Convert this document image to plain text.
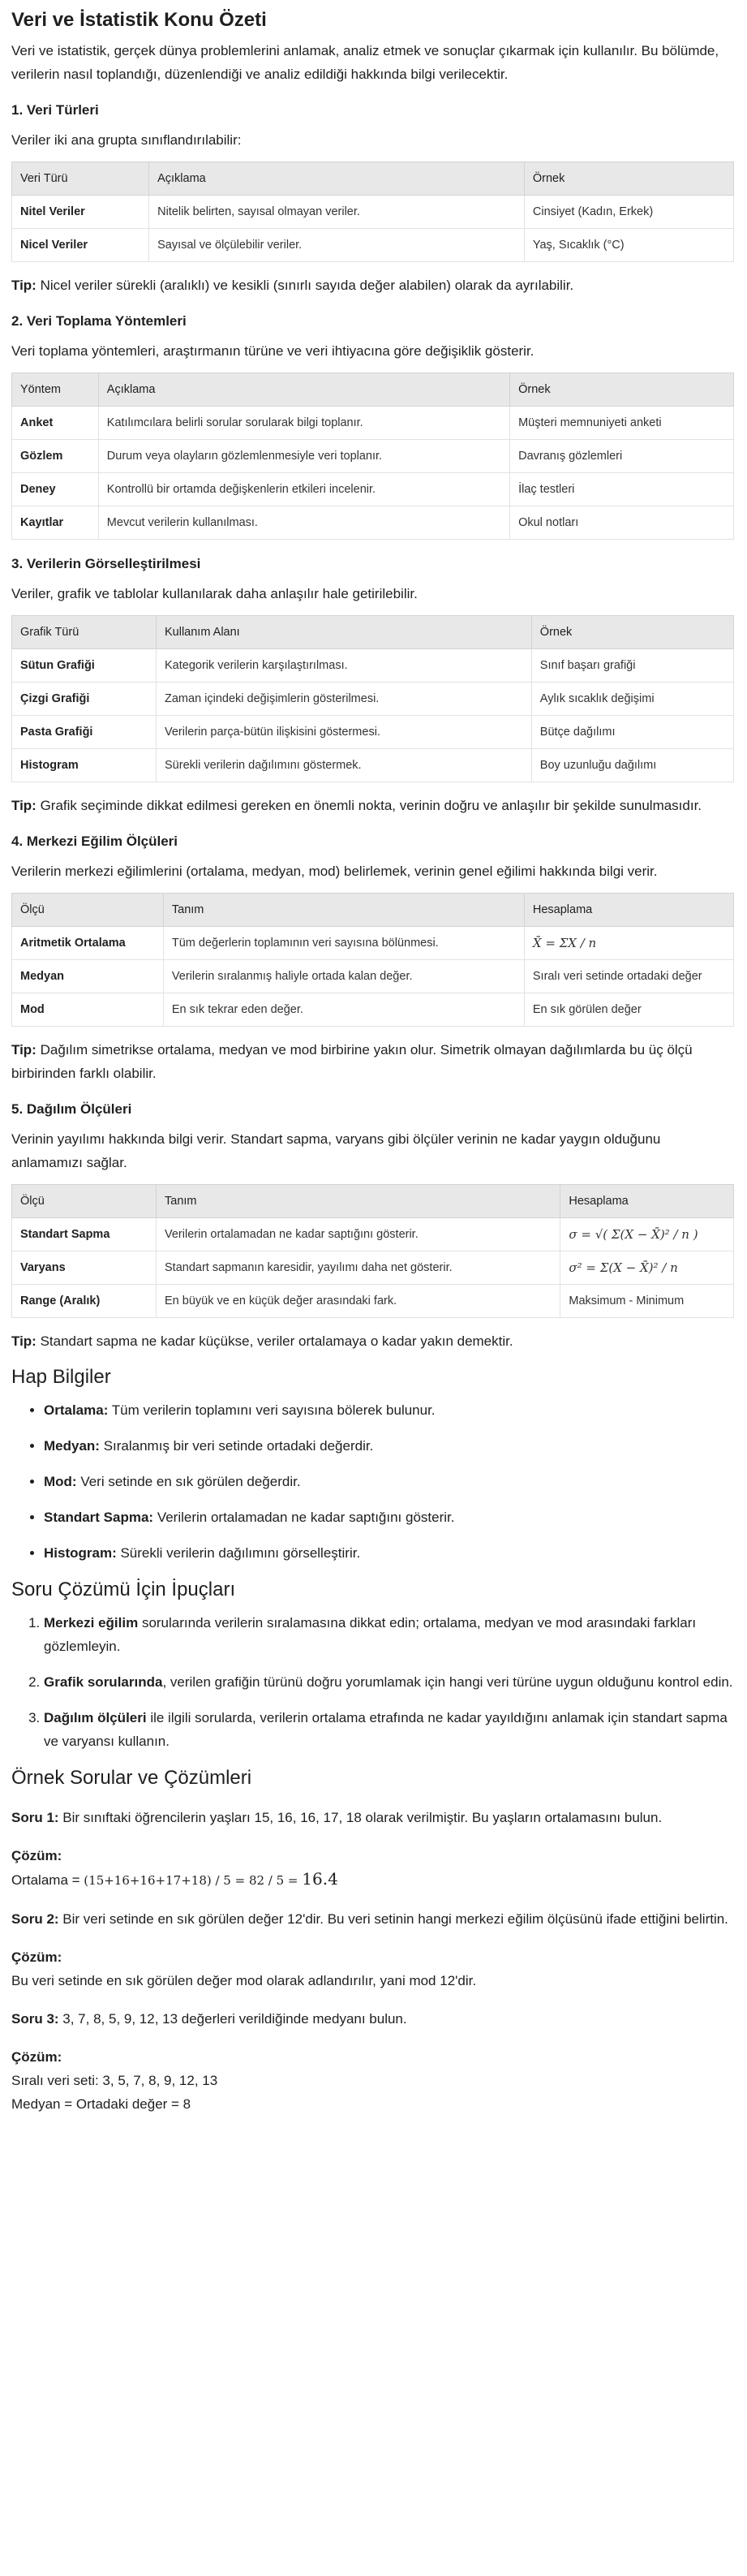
Veri ve İstatistik Konu Özeti

Veri ve istatistik, gerçek dünya problemlerini anlamak, analiz etmek ve sonuçlar çıkarmak için kullanılır. Bu bölümde, verilerin nasıl toplandığı, düzenlendiği ve analiz edildiği hakkında bilgi verilecektir.

1. Veri Türleri

Veriler iki ana grupta sınıflandırılabilir:

Veri Türü	Açıklama	Örnek
Nitel Veriler	Nitelik belirten, sayısal olmayan veriler.	Cinsiyet (Kadın, Erkek)
Nicel Veriler	Sayısal ve ölçülebilir veriler.	Yaş, Sıcaklık (°C)

Tip: Nicel veriler sürekli (aralıklı) ve kesikli (sınırlı sayıda değer alabilen) olarak da ayrılabilir.

2. Veri Toplama Yöntemleri

Veri toplama yöntemleri, araştırmanın türüne ve veri ihtiyacına göre değişiklik gösterir.

Yöntem	Açıklama	Örnek
Anket	Katılımcılara belirli sorular sorularak bilgi toplanır.	Müşteri memnuniyeti anketi
Gözlem	Durum veya olayların gözlemlenmesiyle veri toplanır.	Davranış gözlemleri
Deney	Kontrollü bir ortamda değişkenlerin etkileri incelenir.	İlaç testleri
Kayıtlar	Mevcut verilerin kullanılması.	Okul notları
3. Verilerin Görselleştirilmesi

Veriler, grafik ve tablolar kullanılarak daha anlaşılır hale getirilebilir.

Grafik Türü	Kullanım Alanı	Örnek
Sütun Grafiği	Kategorik verilerin karşılaştırılması.	Sınıf başarı grafiği
Çizgi Grafiği	Zaman içindeki değişimlerin gösterilmesi.	Aylık sıcaklık değişimi
Pasta Grafiği	Verilerin parça-bütün ilişkisini göstermesi.	Bütçe dağılımı
Histogram	Sürekli verilerin dağılımını göstermek.	Boy uzunluğu dağılımı

Tip: Grafik seçiminde dikkat edilmesi gereken en önemli nokta, verinin doğru ve anlaşılır bir şekilde sunulmasıdır.

4. Merkezi Eğilim Ölçüleri

Verilerin merkezi eğilimlerini (ortalama, medyan, mod) belirlemek, verinin genel eğilimi hakkında bilgi verir.

Ölçü	Tanım	Hesaplama
Aritmetik Ortalama	Tüm değerlerin toplamının veri sayısına bölünmesi.	X̄ = ΣX / n
Medyan	Verilerin sıralanmış haliyle ortada kalan değer.	Sıralı veri setinde ortadaki değer
Mod	En sık tekrar eden değer.	En sık görülen değer

Tip: Dağılım simetrikse ortalama, medyan ve mod birbirine yakın olur. Simetrik olmayan dağılımlarda bu üç ölçü birbirinden farklı olabilir.

5. Dağılım Ölçüleri

Verinin yayılımı hakkında bilgi verir. Standart sapma, varyans gibi ölçüler verinin ne kadar yaygın olduğunu anlamamızı sağlar.

Ölçü	Tanım	Hesaplama
Standart Sapma	Verilerin ortalamadan ne kadar saptığını gösterir.	σ = √( Σ(X − X̄)² / n )
Varyans	Standart sapmanın karesidir, yayılımı daha net gösterir.	σ² = Σ(X − X̄)² / n
Range (Aralık)	En büyük ve en küçük değer arasındaki fark.	Maksimum - Minimum

Tip: Standart sapma ne kadar küçükse, veriler ortalamaya o kadar yakın demektir.

Hap Bilgiler
• Ortalama: Tüm verilerin toplamını veri sayısına bölerek bulunur.
• Medyan: Sıralanmış bir veri setinde ortadaki değerdir.
• Mod: Veri setinde en sık görülen değerdir.
• Standart Sapma: Verilerin ortalamadan ne kadar saptığını gösterir.
• Histogram: Sürekli verilerin dağılımını görselleştirir.
Soru Çözümü İçin İpuçları
1. Merkezi eğilim sorularında verilerin sıralamasına dikkat edin; ortalama, medyan ve mod arasındaki farkları gözlemleyin.
2. Grafik sorularında, verilen grafiğin türünü doğru yorumlamak için hangi veri türüne uygun olduğunu kontrol edin.
3. Dağılım ölçüleri ile ilgili sorularda, verilerin ortalama etrafında ne kadar yayıldığını anlamak için standart sapma ve varyansı kullanın.
Örnek Sorular ve Çözümleri

Soru 1: Bir sınıftaki öğrencilerin yaşları 15, 16, 16, 17, 18 olarak verilmiştir. Bu yaşların ortalamasını bulun.

Çözüm:

Ortalama = (15+16+16+17+18) / 5 = 82 / 5 = 16.4

Soru 2: Bir veri setinde en sık görülen değer 12'dir. Bu veri setinin hangi merkezi eğilim ölçüsünü ifade ettiğini belirtin.

Çözüm:

Bu veri setinde en sık görülen değer mod olarak adlandırılır, yani mod 12'dir.

Soru 3: 3, 7, 8, 5, 9, 12, 13 değerleri verildiğinde medyanı bulun.

Çözüm:

Sıralı veri seti: 3, 5, 7, 8, 9, 12, 13

Medyan = Ortadaki değer = 8
